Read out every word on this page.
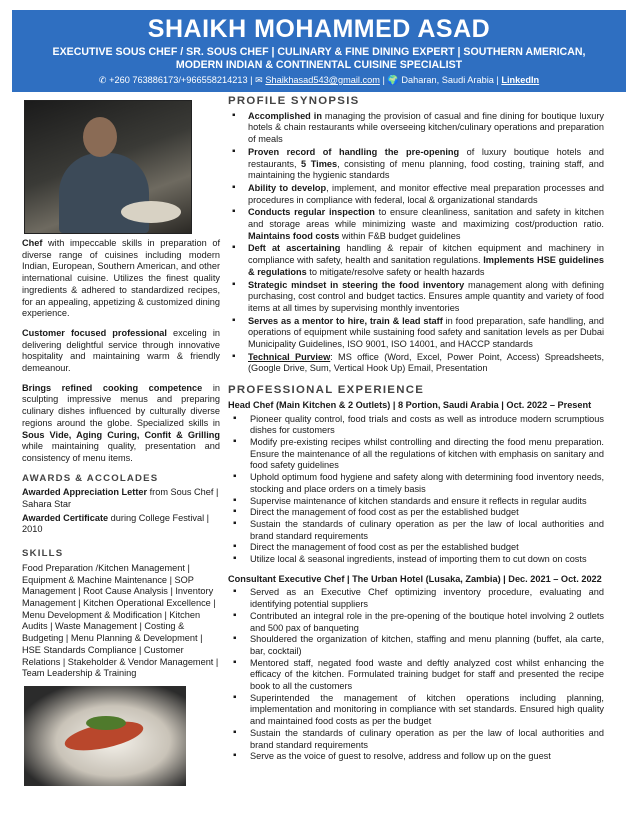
SHAIKH MOHAMMED ASAD
EXECUTIVE SOUS CHEF / SR. SOUS CHEF | CULINARY & FINE DINING EXPERT | SOUTHERN AMERICAN,
MODERN INDIAN & CONTINENTAL CUISINE SPECIALIST
✆ +260 763886173/+966558214213 | ✉ Shaikhasad543@gmail.com | 🌍 Daharan, Saudi Arabia | LinkedIn

Chef with impeccable skills in preparation of diverse range of cuisines including modern Indian, European, Southern American, and other international cuisine. Utilizes the finest quality ingredients & adhered to standardized recipes, for an appealing, appetizing & customized dining experience.

Customer focused professional exceling in delivering delightful service through innovative hospitality and maintaining warm & friendly demeanour.

Brings refined cooking competence in sculpting impressive menus and preparing culinary dishes influenced by culturally diverse regions around the globe. Specialized skills in Sous Vide, Aging Curing, Confit & Grilling while maintaining quality, presentation and consistency of menu items.

AWARDS & ACCOLADES
Awarded Appreciation Letter from Sous Chef | Sahara Star
Awarded Certificate during College Festival | 2010
SKILLS
Food Preparation /Kitchen Management | Equipment & Machine Maintenance | SOP Management | Root Cause Analysis | Inventory Management | Kitchen Operational Excellence | Menu Development & Modification | Kitchen Audits | Waste Management | Costing & Budgeting | Menu Planning & Development | HSE Standards Compliance | Customer Relations | Stakeholder & Vendor Management | Team Leadership & Training
PROFILE SYNOPSIS
▪ Accomplished in managing the provision of casual and fine dining for boutique luxury hotels & chain restaurants while overseeing kitchen/culinary operations and preparation of meals
▪ Proven record of handling the pre-opening of luxury boutique hotels and restaurants, 5 Times, consisting of menu planning, food costing, training staff, and maintaining the hygienic standards
▪ Ability to develop, implement, and monitor effective meal preparation processes and procedures in compliance with federal, local & organizational standards
▪ Conducts regular inspection to ensure cleanliness, sanitation and safety in kitchen and storage areas while minimizing waste and maximizing cost/production ratio. Maintains food costs within F&B budget guidelines
▪ Deft at ascertaining handling & repair of kitchen equipment and machinery in compliance with safety, health and sanitation regulations. Implements HSE guidelines & regulations to mitigate/resolve safety or health hazards
▪ Strategic mindset in steering the food inventory management along with defining purchasing, cost control and budget tactics. Ensures ample quantity and variety of food items at all times by supervising monthly inventories
▪ Serves as a mentor to hire, train & lead staff in food preparation, safe handling, and operations of equipment while sustaining food safety and sanitation levels as per Dubai Municipality Guidelines, ISO 9001, ISO 14001, and HACCP standards
▪ Technical Purview: MS office (Word, Excel, Power Point, Access) Spreadsheets, (Google Drive, Sum, Vertical Hook Up) Email, Presentation
PROFESSIONAL EXPERIENCE
Head Chef (Main Kitchen & 2 Outlets) | 8 Portion, Saudi Arabia | Oct. 2022 – Present
▪ Pioneer quality control, food trials and costs as well as introduce modern scrumptious dishes for customers
▪ Modify pre-existing recipes whilst controlling and directing the food menu preparation. Ensure the maintenance of all the regulations of kitchen with emphasis on sanitary and food safety guidelines
▪ Uphold optimum food hygiene and safety along with determining food inventory needs, stocking and place orders on a timely basis
▪ Supervise maintenance of kitchen standards and ensure it reflects in regular audits
▪ Direct the management of food cost as per the established budget
▪ Sustain the standards of culinary operation as per the law of local authorities and brand standard requirements
▪ Direct the management of food cost as per the established budget
▪ Utilize local & seasonal ingredients, instead of importing them to cut down on costs
Consultant Executive Chef | The Urban Hotel (Lusaka, Zambia) | Dec. 2021 – Oct. 2022
▪ Served as an Executive Chef optimizing inventory procedure, evaluating and identifying potential suppliers
▪ Contributed an integral role in the pre-opening of the boutique hotel involving 2 outlets and 500 pax of banqueting
▪ Shouldered the organization of kitchen, staffing and menu planning (buffet, ala carte, bar, cocktail)
▪ Mentored staff, negated food waste and deftly analyzed cost whilst enhancing the efficacy of the kitchen. Formulated training budget for staff and presented the recipe book to all the customers
▪ Superintended the management of kitchen operations including planning, implementation and monitoring in compliance with set standards. Ensured high quality and maintained food costs as per the budget
▪ Sustain the standards of culinary operation as per the law of local authorities and brand standard requirements
▪ Serve as the voice of guest to resolve, address and follow up on the guest
